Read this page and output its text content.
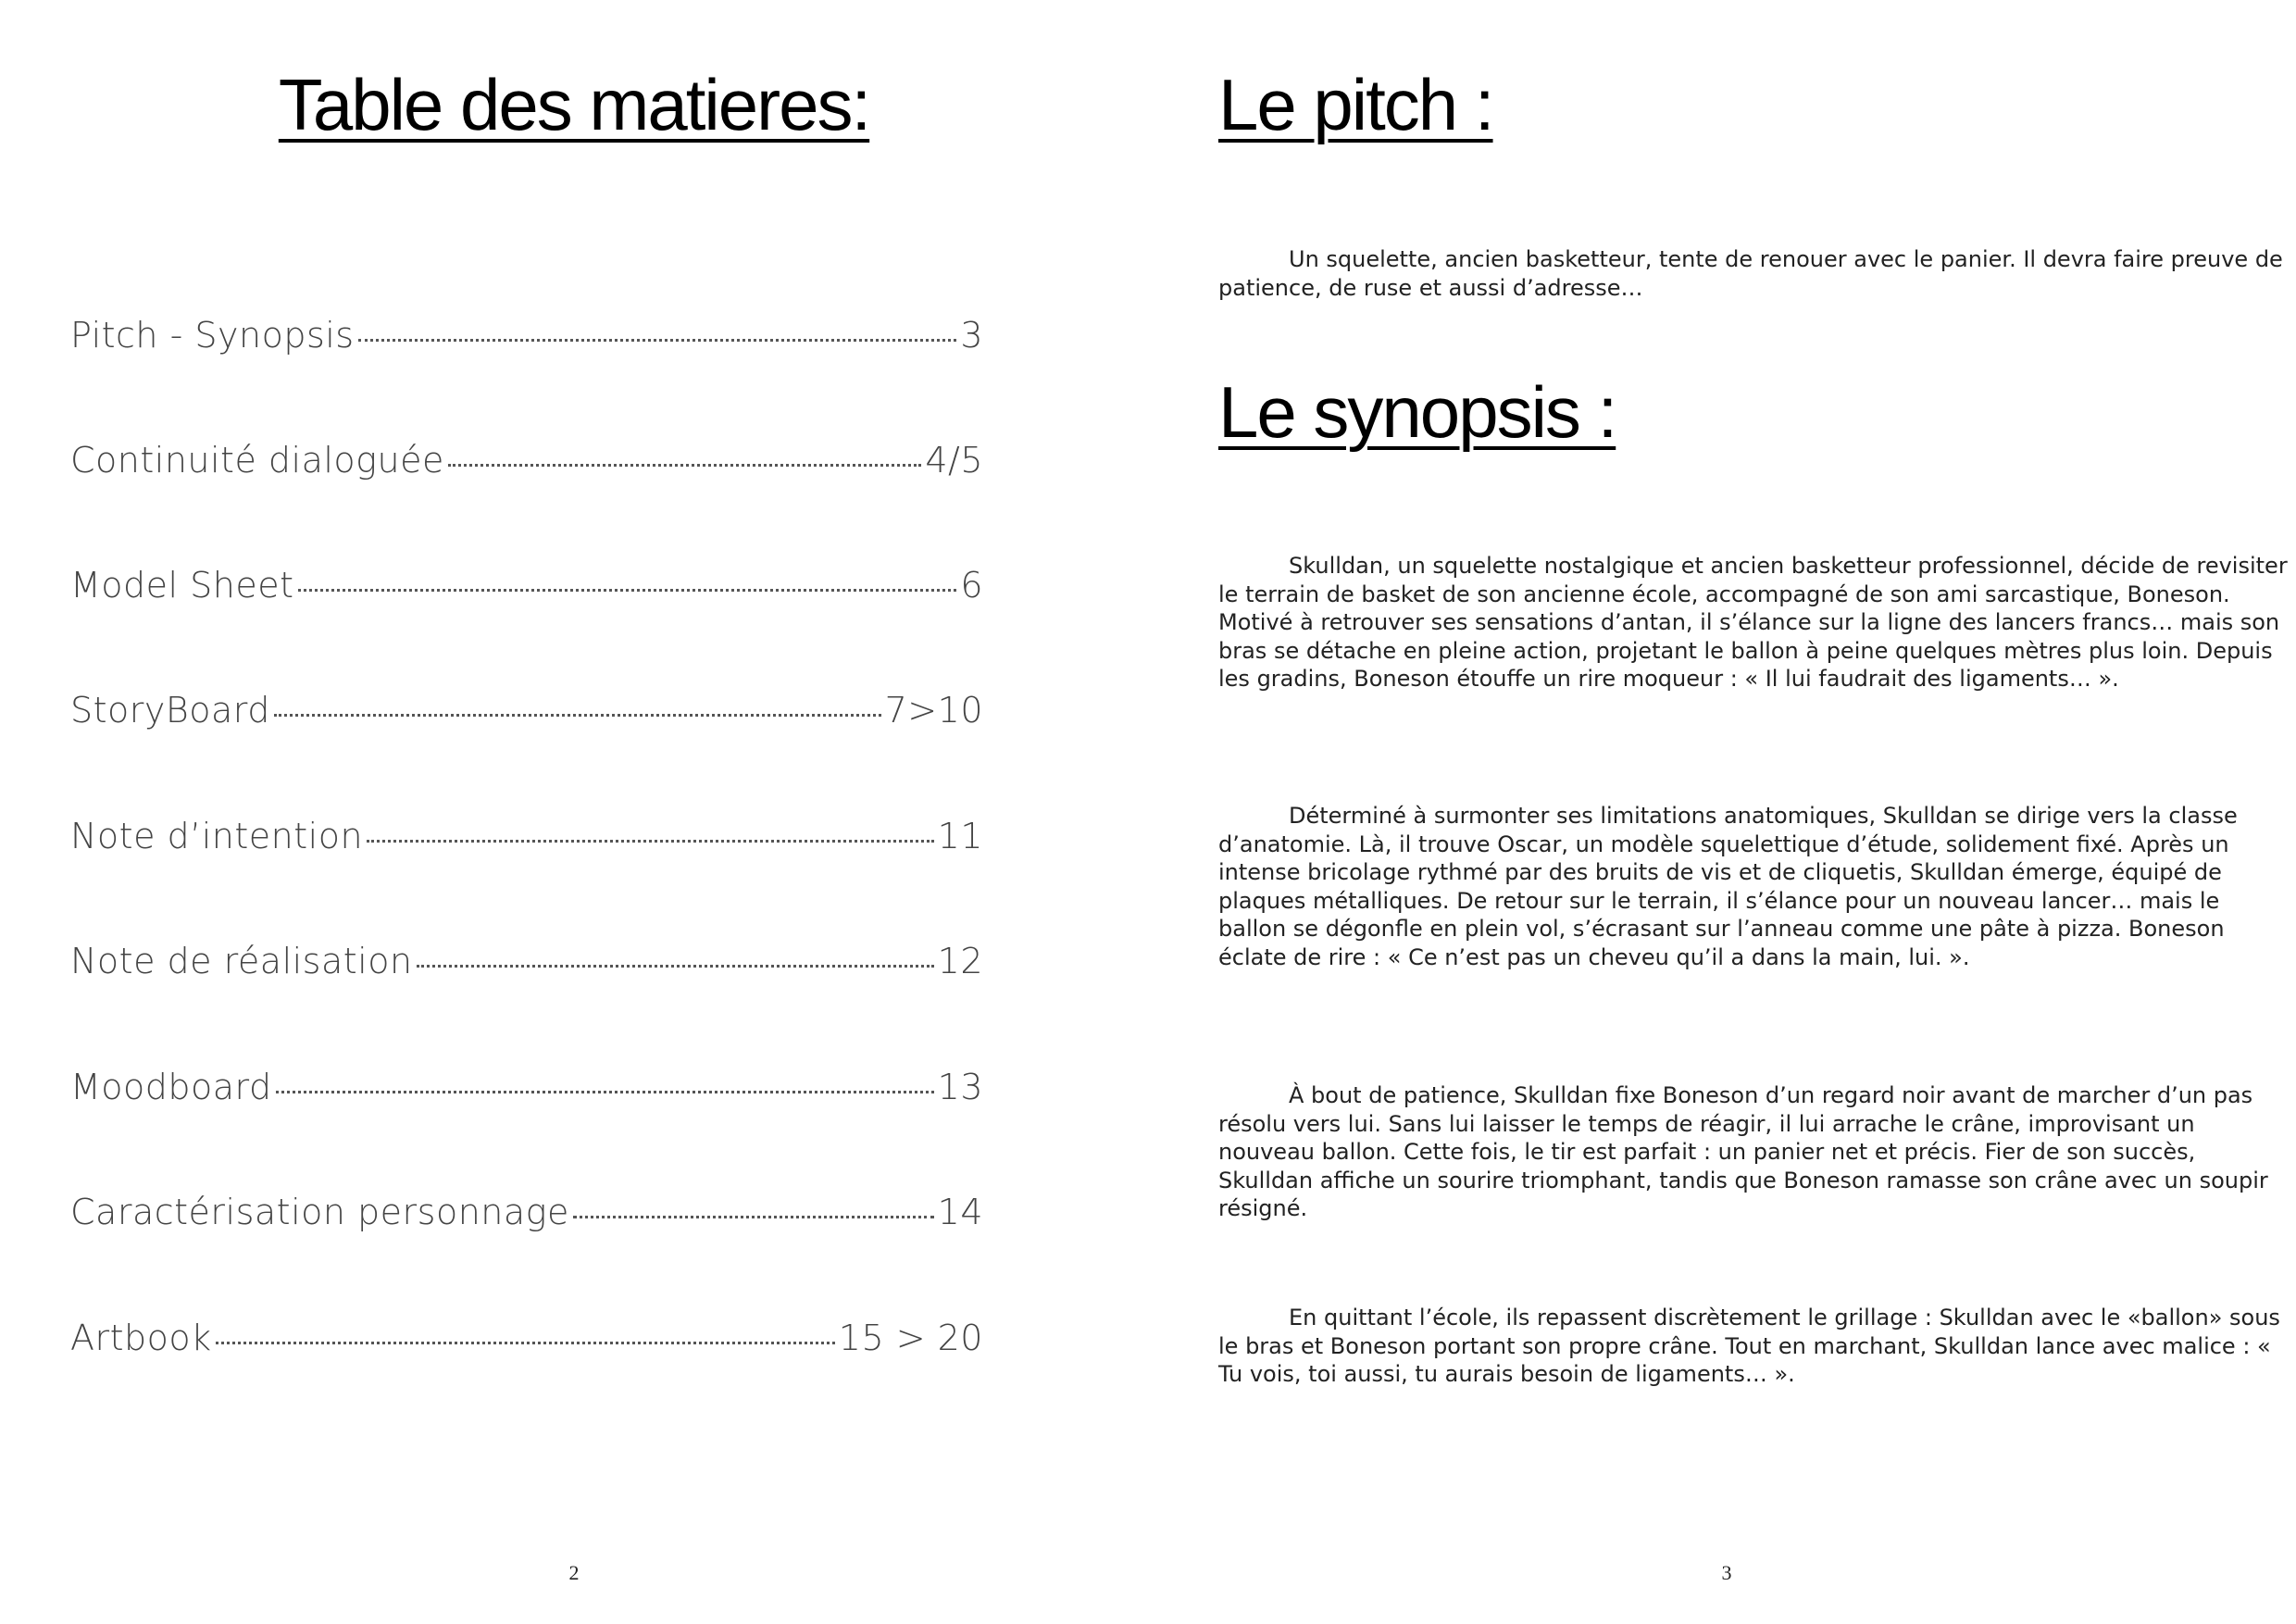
Table des matieres:
Pitch - Synopsis	3
Continuité dialoguée	4/5
Model Sheet	6
StoryBoard	7>10
Note d’intention	11
Note de réalisation	12
Moodboard	13
Caractérisation personnage	14
Artbook	15 > 20
2
Le pitch :

Un squelette, ancien basketteur, tente de renouer avec le panier. Il devra faire preuve de patience, de ruse et aussi d’adresse…

Le synopsis :

Skulldan, un squelette nostalgique et ancien basketteur professionnel, décide de revisiter le terrain de basket de son ancienne école, accompagné de son ami sarcastique, Boneson. Motivé à retrouver ses sensations d’antan, il s’élance sur la ligne des lancers francs… mais son bras se détache en pleine action, projetant le ballon à peine quelques mètres plus loin. Depuis les gradins, Boneson étouffe un rire moqueur : « Il lui faudrait des ligaments… ».

Déterminé à surmonter ses limitations anatomiques, Skulldan se dirige vers la classe d’anatomie. Là, il trouve Oscar, un modèle squelettique d’étude, solidement fixé. Après un intense bricolage rythmé par des bruits de vis et de cliquetis, Skulldan émerge, équipé de plaques métalliques. De retour sur le terrain, il s’élance pour un nouveau lancer… mais le ballon se dégonfle en plein vol, s’écrasant sur l’anneau comme une pâte à pizza. Boneson éclate de rire : « Ce n’est pas un cheveu qu’il a dans la main, lui. ».

À bout de patience, Skulldan fixe Boneson d’un regard noir avant de marcher d’un pas résolu vers lui. Sans lui laisser le temps de réagir, il lui arrache le crâne, improvisant un nouveau ballon. Cette fois, le tir est parfait : un panier net et précis. Fier de son succès, Skulldan affiche un sourire triomphant, tandis que Boneson ramasse son crâne avec un soupir résigné.

En quittant l’école, ils repassent discrètement le grillage : Skulldan avec le «ballon» sous le bras et Boneson portant son propre crâne. Tout en marchant, Skulldan lance avec malice : « Tu vois, toi aussi, tu aurais besoin de ligaments… ».

3
